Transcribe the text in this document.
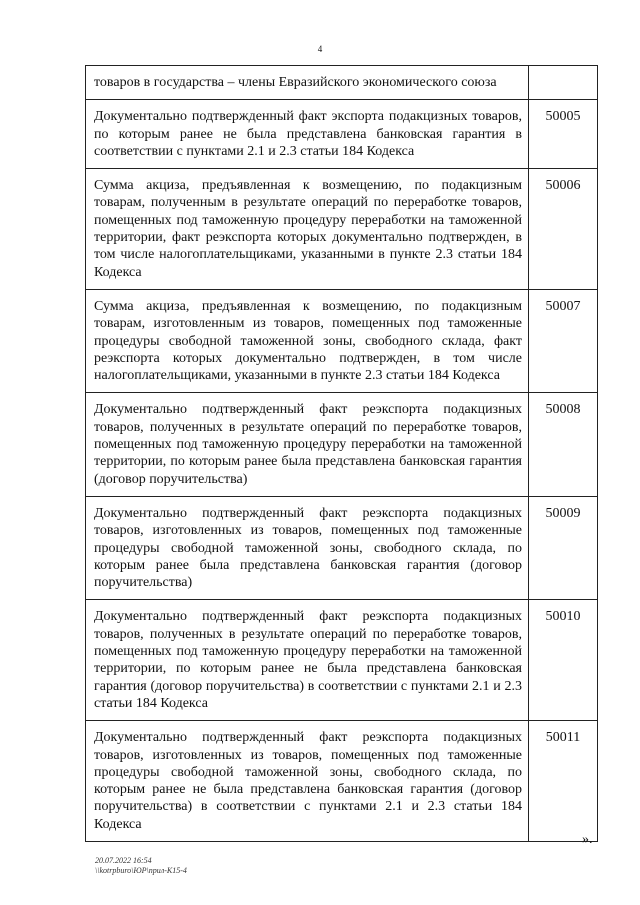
4
товаров в государства – члены Евразийского экономического союза	
Документально подтвержденный факт экспорта подакцизных товаров, по которым ранее не была представлена банковская гарантия в соответствии с пунктами 2.1 и 2.3 статьи 184 Кодекса	50005
Сумма акциза, предъявленная к возмещению, по подакцизным товарам, полученным в результате операций по переработке товаров, помещенных под таможенную процедуру переработки на таможенной территории, факт реэкспорта которых документально подтвержден, в том числе налогоплательщиками, указанными в пункте 2.3 статьи 184 Кодекса	50006
Сумма акциза, предъявленная к возмещению, по подакцизным товарам, изготовленным из товаров, помещенных под таможенные процедуры свободной таможенной зоны, свободного склада, факт реэкспорта которых документально подтвержден, в том числе налогоплательщиками, указанными в пункте 2.3 статьи 184 Кодекса	50007
Документально подтвержденный факт реэкспорта подакцизных товаров, полученных в результате операций по переработке товаров, помещенных под таможенную процедуру переработки на таможенной территории, по которым ранее была представлена банковская гарантия (договор поручительства)	50008
Документально подтвержденный факт реэкспорта подакцизных товаров, изготовленных из товаров, помещенных под таможенные процедуры свободной таможенной зоны, свободного склада, по которым ранее была представлена банковская гарантия (договор поручительства)	50009
Документально подтвержденный факт реэкспорта подакцизных товаров, полученных в результате операций по переработке товаров, помещенных под таможенную процедуру переработки на таможенной территории, по которым ранее не была представлена банковская гарантия (договор поручительства) в соответствии с пунктами 2.1 и 2.3 статьи 184 Кодекса	50010
Документально подтвержденный факт реэкспорта подакцизных товаров, изготовленных из товаров, помещенных под таможенные процедуры свободной таможенной зоны, свободного склада, по которым ранее не была представлена банковская гарантия (договор поручительства) в соответствии с пунктами 2.1 и 2.3 статьи 184 Кодекса	50011
».
20.07.2022 16:54
\\kotrpburo\ЮР\прил-К15-4
